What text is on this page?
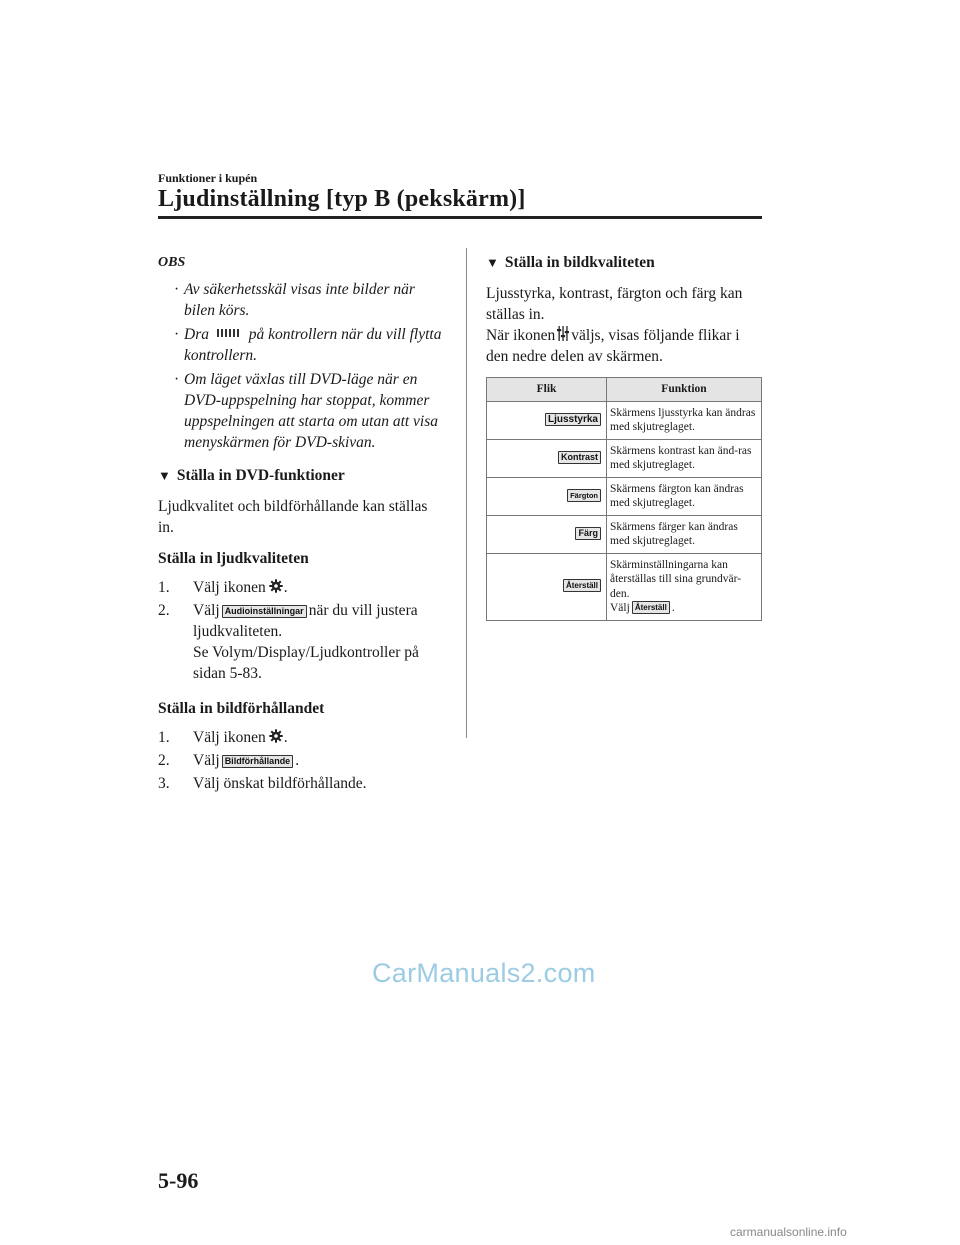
Funktioner i kupén
Ljudinställning [typ B (pekskärm)]
OBS
· Av säkerhetsskäl visas inte bilder när bilen körs.
· Dra	på kontrollern när du vill flytta kontrollern.
· Om läget växlas till DVD-läge när en DVD-uppspelning har stoppat, kommer uppspelningen att starta om utan att visa menyskärmen för DVD-skivan.
▼ Ställa in DVD-funktioner
Ljudkvalitet och bildförhållande kan ställas in.
Ställa in ljudkvaliteten
1. Välj ikonen .
2. Välj Audioinställningar när du vill justera ljudkvaliteten.
Se Volym/Display/Ljudkontroller på sidan 5-83.
Ställa in bildförhållandet
1. Välj ikonen .
2. Välj Bildförhållande .
3. Välj önskat bildförhållande.
▼ Ställa in bildkvaliteten
Ljusstyrka, kontrast, färgton och färg kan ställas in.
När ikonen väljs, visas följande flikar i den nedre delen av skärmen.
Flik	Funktion
Ljusstyrka	Skärmens ljusstyrka kan ändras med skjutreglaget.
Kontrast	Skärmens kontrast kan änd-ras med skjutreglaget.
Färgton	Skärmens färgton kan ändras med skjutreglaget.
Färg	Skärmens färger kan ändras med skjutreglaget.
Återställ	Skärminställningarna kan återställas till sina grundvär-den.
Välj Återställ .
CarManuals2.com
5-96
carmanualsonline.info
